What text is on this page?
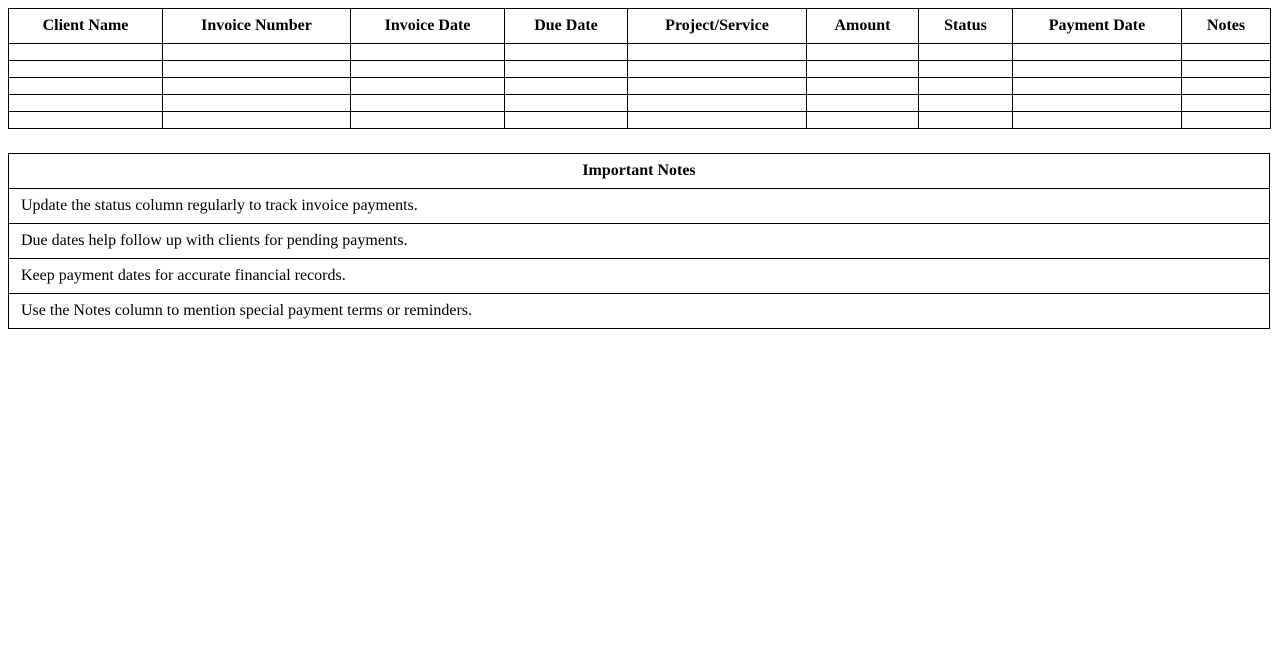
Client Name	Invoice Number	Invoice Date	Due Date	Project/Service	Amount	Status	Payment Date	Notes

Important Notes
Update the status column regularly to track invoice payments.
Due dates help follow up with clients for pending payments.
Keep payment dates for accurate financial records.
Use the Notes column to mention special payment terms or reminders.
